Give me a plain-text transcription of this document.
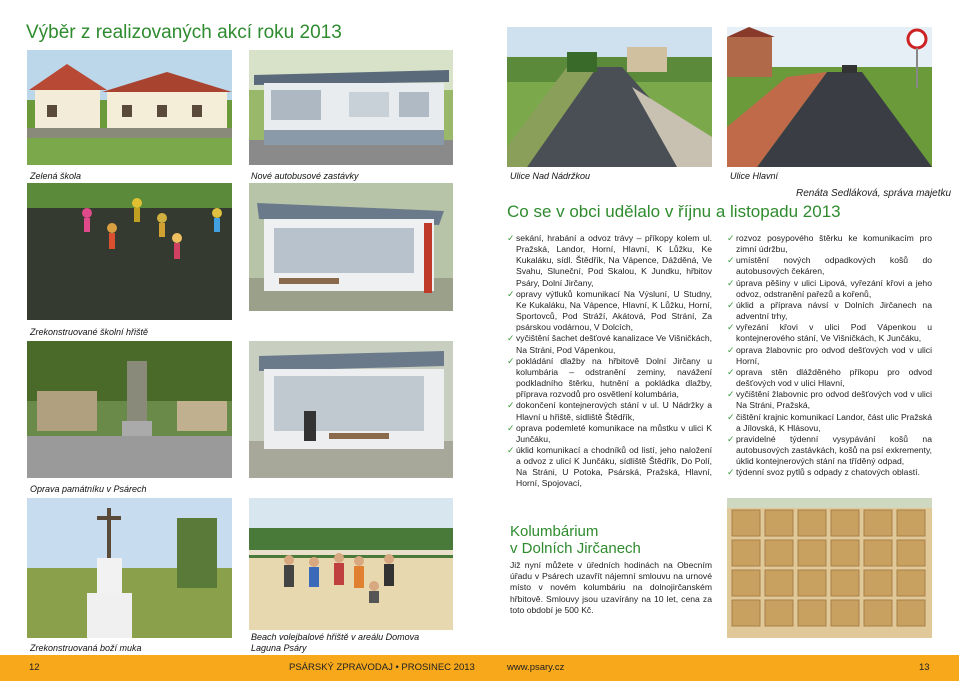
Výběr z realizovaných akcí roku 2013
Zelená škola	Nové autobusové zastávky	Ulice Nad Nádržkou	Ulice Hlavní
Zrekonstruované školní hřiště
Oprava památníku v Psárech
Renáta Sedláková, správa majetku
Co se v obci udělalo v říjnu a listopadu 2013
✓ sekání, hrabání a odvoz trávy – příkopy kolem ul. Pražská, Landor, Horní, Hlavní, K Lůžku, Ke Kukaláku, sídl. Štědřík, Na Vápence, Dážděná, Ve Svahu, Sluneční, Pod Skalou, K Jundku, hřbitov Psáry, Dolní Jirčany,
✓ opravy výtluků komunikací Na Výsluní, U Studny, Ke Kukaláku, Na Vápence, Hlavní, K Lůžku, Horní, Sportovců, Pod Stráží, Akátová, Pod Strání, Za psárskou vodárnou, V Dolcích,
✓ vyčištění šachet dešťové kanalizace Ve Višničkách, Na Stráni, Pod Vápenkou,
✓ pokládání dlažby na hřbitově Dolní Jirčany u kolumbária – odstranění zeminy, navážení podkladního štěrku, hutnění a pokládka dlažby, příprava rozvodů pro osvětlení kolumbária,
✓ dokončení kontejnerových stání v ul. U Nádržky a Hlavní u hřiště, sídliště Štědřík,
✓ oprava podemleté komunikace na můstku v ulici K Junčáku,
✓ úklid komunikací a chodníků od listí, jeho naložení a odvoz z ulicí K Junčáku, sídliště Štědřík, Do Polí, Na Stráni, U Potoka, Psárská, Pražská, Hlavní, Horní, Spojovací,
✓ rozvoz posypového štěrku ke komunikacím pro zimní údržbu,
✓ umístění nových odpadkových košů do autobusových čekáren,
✓ úprava pěšiny v ulici Lipová, vyřezání křovi a jeho odvoz, odstranění pařezů a kořenů,
✓ úklid a příprava návsí v Dolních Jirčanech na adventní trhy,
✓ vyřezání křovi v ulici Pod Vápenkou u kontejnerového stání, Ve Višničkách, K Junčáku,
✓ oprava žlabovnic pro odvod dešťových vod v ulici Horní,
✓ oprava stěn dlážděného příkopu pro odvod dešťových vod v ulici Hlavní,
✓ vyčištění žlabovnic pro odvod dešťových vod v ulici Na Stráni, Pražská,
✓ čištění krajnic komunikací Landor, část ulic Pražská a Jílovská, K Hlásovu,
✓ pravidelné týdenní vysypávání košů na autobusových zastávkách, košů na psí exkrementy, úklid kontejnerových stání na tříděný odpad,
✓ týdenní svoz pytlů s odpady z chatových oblastí.
Zrekonstruovaná boží muka
Beach volejbalové hřiště v areálu Domova
Laguna Psáry
Kolumbárium
v Dolních Jirčanech
Již nyní můžete v úředních hodinách na Obecním úřadu v Psárech uzavřít nájemní smlouvu na urnové místo v novém kolumbáriu na dolnojirčanském hřbitově. Smlouvy jsou uzavírány na 10 let, cena za toto období je 500 Kč.
12	PSÁRSKÝ ZPRAVODAJ • PROSINEC 2013	www.psary.cz	13
